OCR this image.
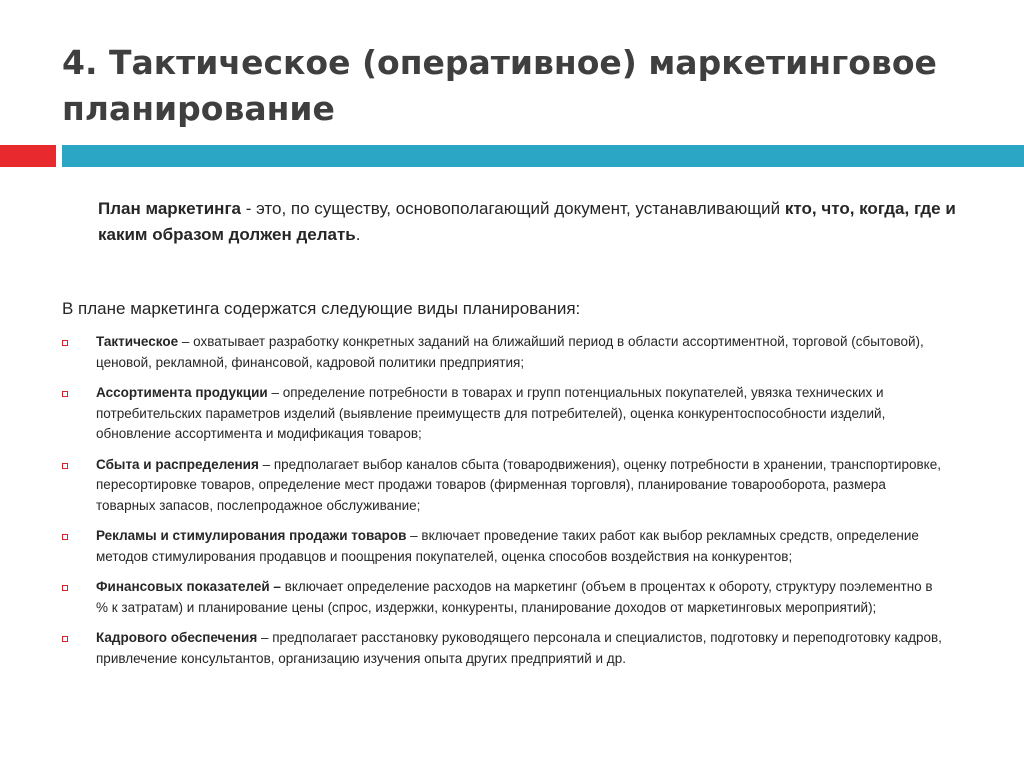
4. Тактическое (оперативное) маркетинговое планирование

План маркетинга - это, по существу, основополагающий документ, устанавливающий кто, что, когда, где и каким образом должен делать.

В плане маркетинга содержатся следующие виды планирования:

Тактическое – охватывает разработку конкретных заданий на ближайший период в области ассортиментной, торговой (сбытовой), ценовой, рекламной, финансовой, кадровой политики предприятия;
Ассортимента продукции – определение потребности в товарах и групп потенциальных покупателей, увязка технических и потребительских параметров изделий (выявление преимуществ для потребителей), оценка конкурентоспособности изделий, обновление ассортимента и модификация товаров;
Сбыта и распределения – предполагает выбор каналов сбыта (товародвижения), оценку потребности в хранении, транспортировке, пересортировке товаров, определение мест продажи товаров (фирменная торговля), планирование товарооборота, размера товарных запасов, послепродажное обслуживание;
Рекламы и стимулирования продажи товаров – включает проведение таких работ как выбор рекламных средств, определение методов стимулирования продавцов и поощрения покупателей, оценка способов воздействия на конкурентов;
Финансовых показателей – включает определение расходов на маркетинг (объем в процентах к обороту, структуру поэлементно в % к затратам) и планирование цены (спрос, издержки, конкуренты, планирование доходов от маркетинговых мероприятий);
Кадрового обеспечения – предполагает расстановку руководящего персонала и специалистов, подготовку и переподготовку кадров, привлечение консультантов, организацию изучения опыта других предприятий и др.
